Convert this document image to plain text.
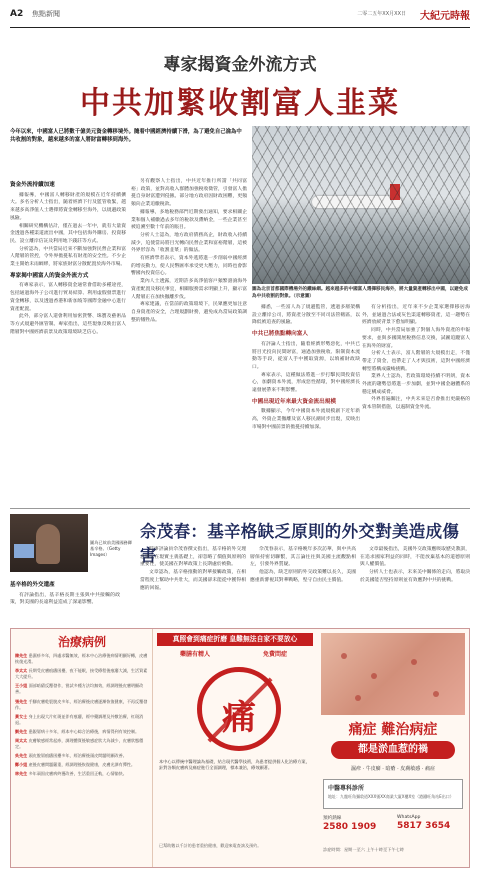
A2 焦點新聞	二零二五年XX月XX日 大紀元時報
專家揭資金外流方式
中共加緊收割富人韭菜
今年以來，中國富人已將數千億美元資金轉移境外。隨着中國經濟持續下滑，為了避免自己淪為中共收割的對象，越來越多的富人將財富轉移到海外。
圖為北京首都國際機場外的鐵絲網。越來越多的中國富人選擇移民海外，將大量資產轉移出中國，以避免成為中共收割的對象。（示意圖）
資金外流持續加速
據報導，中國富人轉移財產的規模在近年持續擴大。多名分析人士指出，隨着經濟下行及監管收緊，越來越多高淨值人士選擇將資金轉移至海外，以規避政策風險。
相關研究機構估計，僅在過去一年中，就有大量資金透過各種渠道流出中國，其中包括海外購房、投資移民、設立離岸信託及利用地下錢莊等方式。
分析認為，中共當局近來不斷加強對民營企業和富人階層的管控，令外界擔憂私有財產的安全性。不少企業主開始未雨綢繆，將家族財富分散配置於海外市場。
專家揭中國富人的資金外流方式
有專家表示，富人轉移資金通常會借助多種途徑，包括通過海外子公司進行貿易結算、利用虛假發票進行資金轉移，以及透過香港和新加坡等國際金融中心進行資產配置。
此外，部分富人還會利用加密貨幣、珠寶及藝術品等方式規避外匯管制。專家指出，這些現象反映出富人階層對中國經濟前景及政策環境缺乏信心。
另有觀察人士指出，中共近年推行所謂「共同富裕」政策，並對高收入群體加強稅收徵管，引發富人擔憂自身財富遭到侵蝕。部分地方政府因財政困難，更頻頻向企業追繳稅款。
據報導，多地稅務部門近期發出通知，要求相關企業和個人補繳過去多年的稅款及滯納金，一些企業甚至被追溯至數十年前的賬目。
分析人士認為，地方政府債務高企，財政收入持續減少，迫使當局將目光轉向民營企業和富裕階層，這被外界形容為「收割韭菜」的做法。
有經濟學者表示，資本外逃將進一步削弱中國經濟的增長動力，使人民幣匯率承受更大壓力，同時也會影響國內投資信心。
業內人士透露，近期許多高淨值客戶頻繁諮詢海外資產配置及移民事宜，相關服務需求明顯上升，顯示富人階層正在加快撤離步伐。
專家建議，在當前的政策環境下，民眾應更加注意自身資產的安全，合理規劃財務，避免成為當局政策調整的犧牲品。
據悉，一些富人為了規避監管，透過多層架構設立離岸公司，將資產分散至不同司法管轄區，以降低被追查的風險。
中共已將焦點轉向富人
有評論人士指出，隨着經濟形勢惡化，中共已將目光投向民間財富，通過加強稅收、限制資本流動等手段，從富人手中獲取資源，以填補財政缺口。
專家表示，這種做法將進一步打擊民間投資信心，加劇資本外流，形成惡性循環，對中國經濟長遠發展帶來不利影響。
中國出現近年來最大資金流出規模
數據顯示，今年中國資本外流規模創下近年新高，外資企業撤離及富人移民潮同步出現，反映出市場對中國前景的擔憂持續加深。
有分析指出，近年來不少企業家選擇移居海外，並通過合法或灰色渠道轉移資產，這一趨勢在經濟放緩背景下愈加明顯。
同時，中共當局加強了對個人海外資產的申報要求，並與多國開展稅務信息交換，試圖追蹤富人在海外的財富。
分析人士表示，富人階層的大規模出走，不僅帶走了資金，也帶走了人才與技術，這對中國經濟轉型將構成嚴峻挑戰。
業界人士認為，若政策環境持續不明朗，資本外流的趨勢恐將進一步加劇，並對中國金融體系的穩定構成威脅。
外界普遍關注，中共未來是否會推出更嚴格的資本管制措施，以遏制資金外流。
圖為已故前美國國務卿基辛格。（Getty Images）
佘茂春：基辛格缺乏原則的外交對美造成傷害
基辛格的外交遺產
有評論指出，基辛格長期主張與中共接觸的政策，對美國的長遠利益造成了深遠影響。
時事評論員佘茂春撰文指出，基辛格的外交理念建立在現實主義基礎上，卻忽略了價值與原則的重要性，使美國在對華政策上長期處於被動。
文章認為，基辛格推動的對華接觸政策，在相當程度上幫助中共壯大，而美國卻未能從中獲得相應的回報。
佘茂春表示，基辛格晚年多次訪華，與中共高層保持密切聯繫，其言論往往與美國主流觀點相左，引發外界質疑。
他認為，缺乏原則的外交政策難以長久，美國應重新審視其對華戰略，堅守自由民主價值。
文章最後指出，美國外交政策應吸取歷史教訓，在追求國家利益的同時，不能放棄基本的道德原則與人權價值。
分析人士也表示，未來美中關係的走向，將取決於美國能否堅持原則並有效應對中共的挑戰。
治療病例
陳先生 患濕疹多年，四處求醫無效，經本中心治療後病情明顯好轉，皮膚恢復光滑。
李太太 長期受皮膚痕癢困擾，夜不能眠，接受療程後痕癢大減，生活質素大大提升。
王小姐 面部暗瘡反覆發作，嘗試多種方法均無效，經調理後皮膚明顯改善。
張先生 手腳皮膚乾裂脫皮多年，經治療後皮膚逐漸恢復健康，不再反覆發作。
黃女士 身上出現大片紅斑並伴有痕癢，經中藥調理及外敷治療，紅斑消退。
劉先生 患銀屑病十多年，經本中心綜合治療後，病情得到有效控制。
周太太 皮膚敏感經常起疹，調理體質後敏感症狀大為減少，皮膚狀態穩定。
吳先生 頭皮脫屑痕癢困擾多年，經治療後頭皮問題明顯改善。
鄭小姐 產後皮膚問題嚴重，經調理後恢復健康，皮膚光澤有彈性。
林先生 多年頑固皮膚病終獲改善，生活重回正軌，心情愉快。
真照會到痛症折磨 皇難無法自家不要放心
藥膳有精人	免費問症
痛
本中心以傳統中醫理論為基礎，結合現代醫學技術，為患者提供個人化治療方案，針對各類皮膚病及痛症進行全面調理，標本兼治，療效顯著。
已幫助數以千計的患者重拾健康，歡迎來電查詢及預約。
痛症 難治病症
都是淤血惹的禍
濕疹 · 牛皮癬 · 暗瘡 · 皮膚敏感 · 痛症
中醫專科診所
地址：九龍旺角彌敦道XXX號XX商業大廈X樓X室（港鐵旺角站E出口）
預約熱線
2580 1909
WhatsApp
5817 3654
診症時間：星期一至六 上午十時至下午七時
